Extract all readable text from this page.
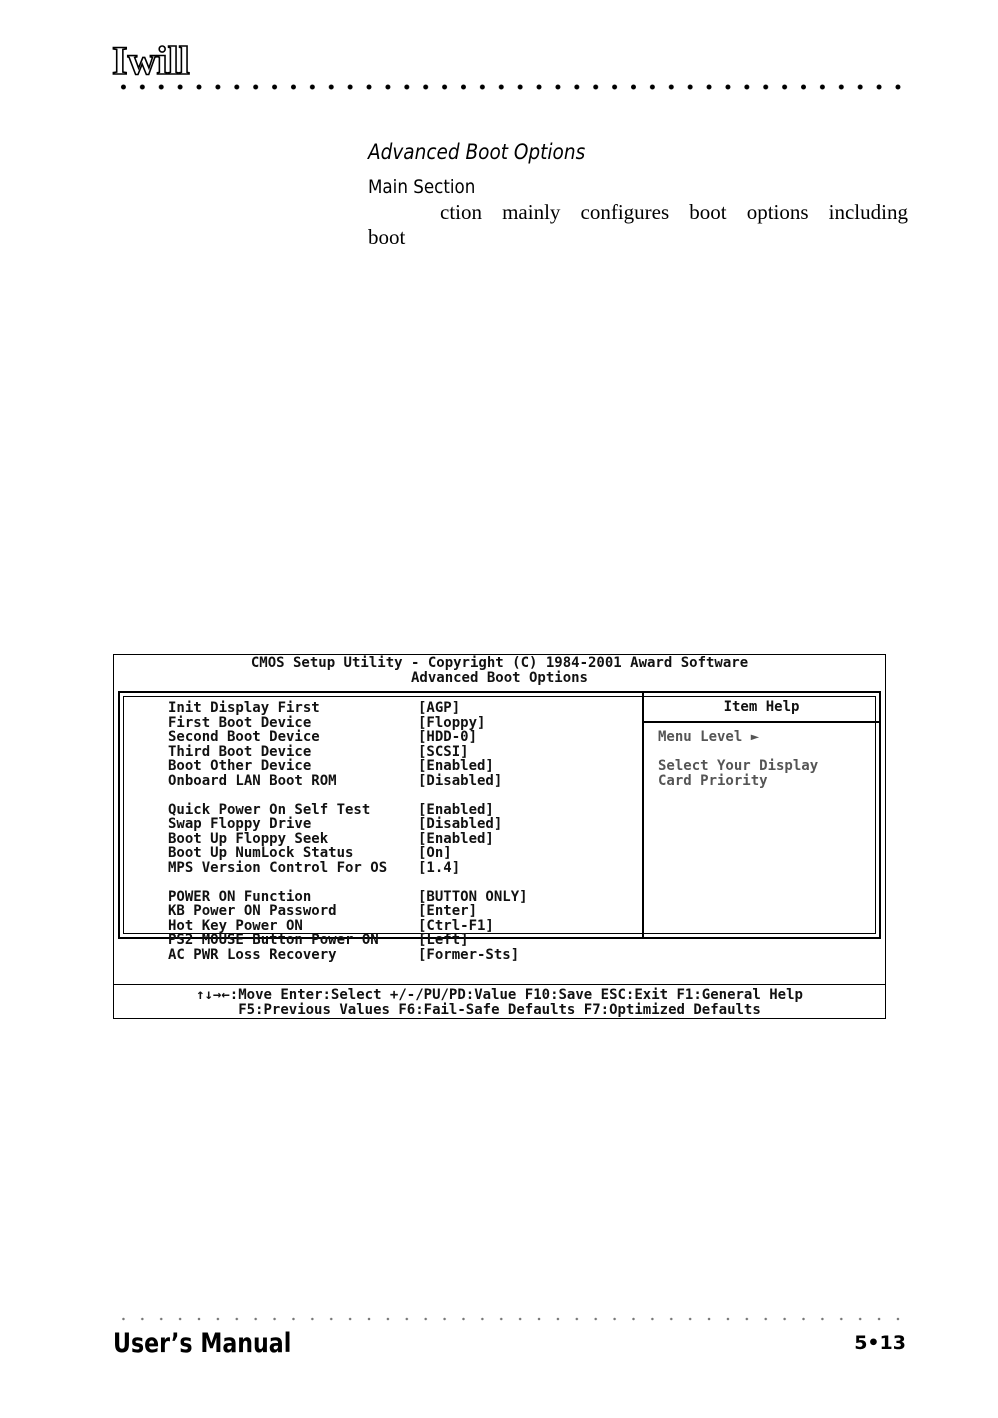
Iwill
Advanced Boot Options
Main Section
ction mainly configures boot options including
boot
CMOS Setup Utility - Copyright (C) 1984-2001 Award Software
Advanced Boot Options
Item Help
Menu Level ►
Select Your Display
Card Priority
Init Display First	[AGP]
First Boot Device	[Floppy]
Second Boot Device	[HDD-0]
Third Boot Device	[SCSI]
Boot Other Device	[Enabled]
Onboard LAN Boot ROM	[Disabled]
Quick Power On Self Test	[Enabled]
Swap Floppy Drive	[Disabled]
Boot Up Floppy Seek	[Enabled]
Boot Up NumLock Status	[On]
MPS Version Control For OS	[1.4]
POWER ON Function	[BUTTON ONLY]
KB Power ON Password	[Enter]
Hot Key Power ON	[Ctrl-F1]
PS2 MOUSE Button Power ON	[Left]
AC PWR Loss Recovery	[Former-Sts]
↑↓→←:Move Enter:Select +/-/PU/PD:Value F10:Save ESC:Exit F1:General Help
F5:Previous Values F6:Fail-Safe Defaults F7:Optimized Defaults
User’s Manual	5•13
